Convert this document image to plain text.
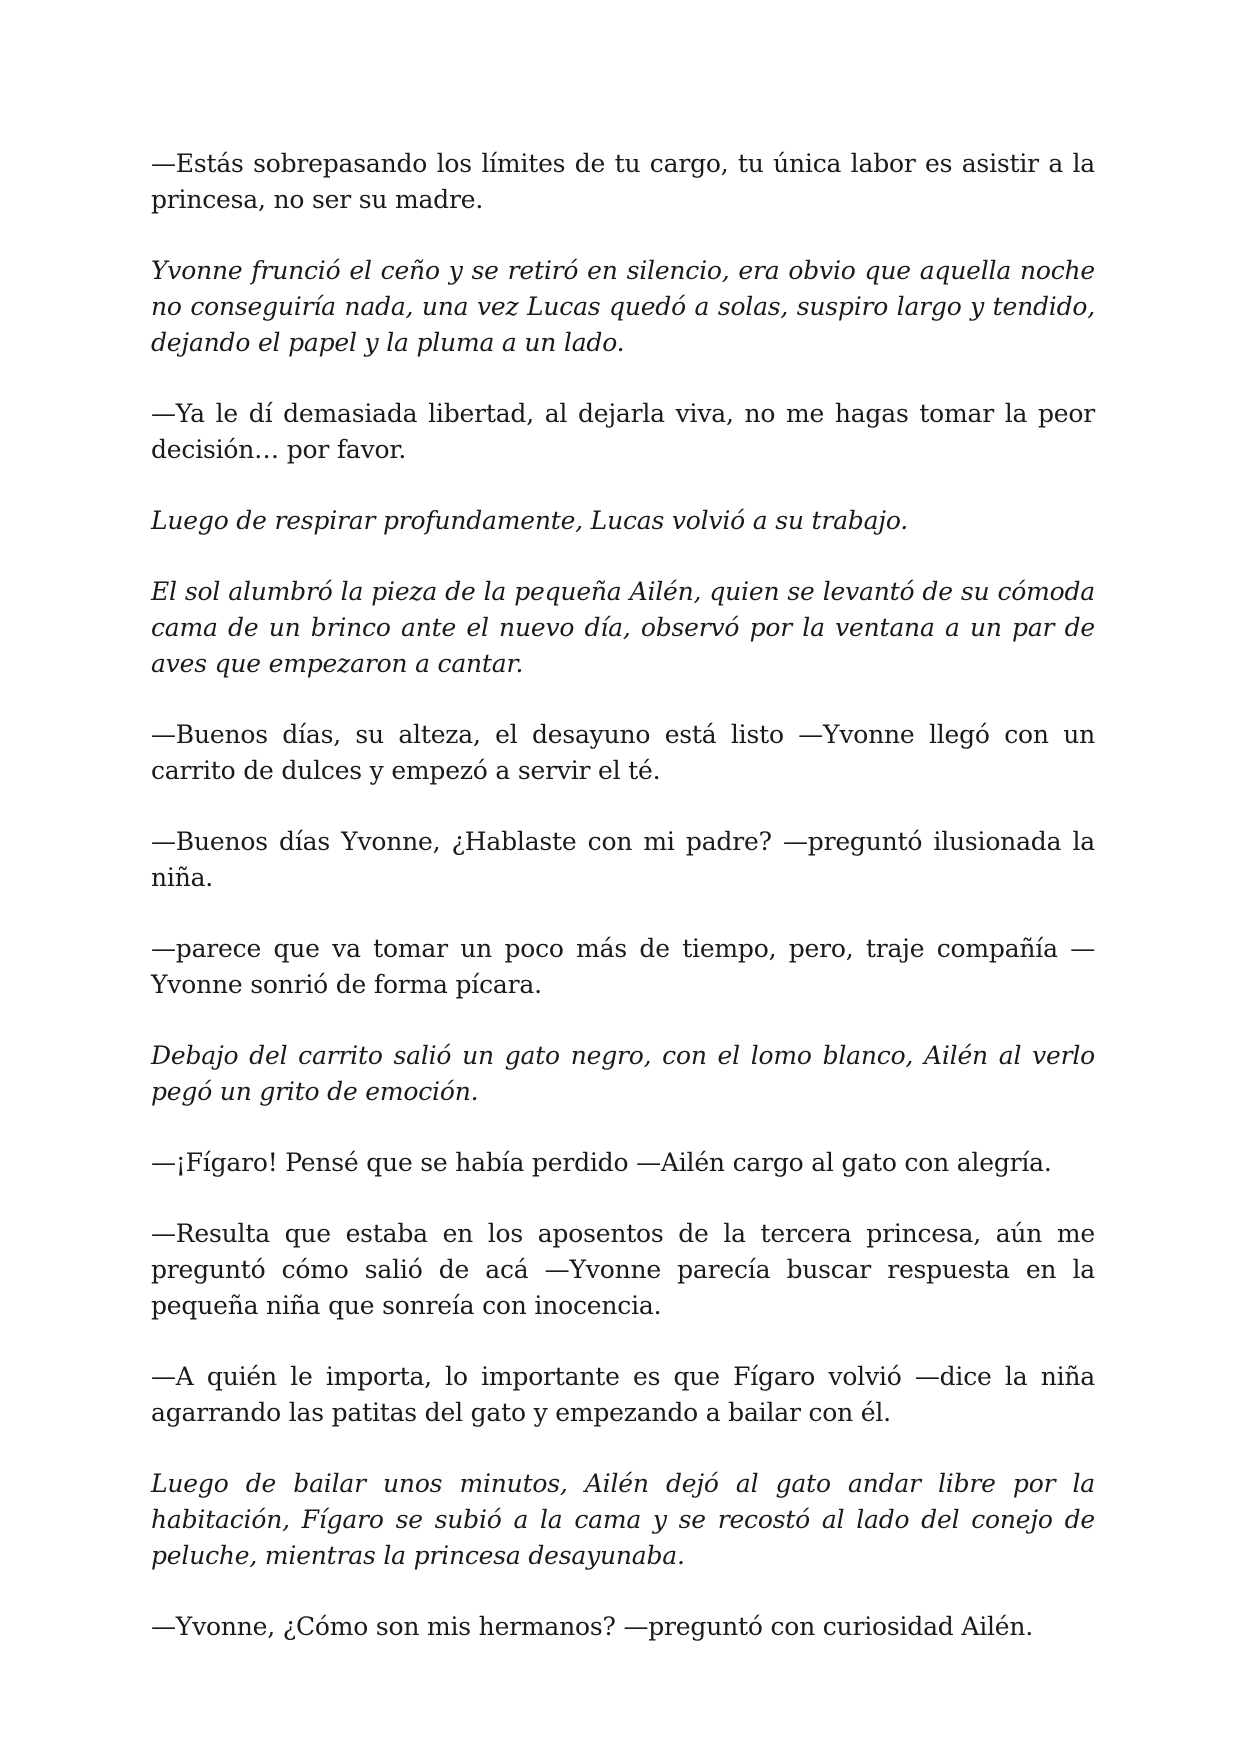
—Estás sobrepasando los límites de tu cargo, tu única labor es asistir a la princesa, no ser su madre.

Yvonne frunció el ceño y se retiró en silencio, era obvio que aquella noche no conseguiría nada, una vez Lucas quedó a solas, suspiro largo y tendido, dejando el papel y la pluma a un lado.

—Ya le dí demasiada libertad, al dejarla viva, no me hagas tomar la peor decisión… por favor.

Luego de respirar profundamente, Lucas volvió a su trabajo.

El sol alumbró la pieza de la pequeña Ailén, quien se levantó de su cómoda cama de un brinco ante el nuevo día, observó por la ventana a un par de aves que empezaron a cantar.

—Buenos días, su alteza, el desayuno está listo —Yvonne llegó con un carrito de dulces y empezó a servir el té.

—Buenos días Yvonne, ¿Hablaste con mi padre? —preguntó ilusionada la niña.

—parece que va tomar un poco más de tiempo, pero, traje compañía —Yvonne sonrió de forma pícara.

Debajo del carrito salió un gato negro, con el lomo blanco, Ailén al verlo pegó un grito de emoción.

—¡Fígaro! Pensé que se había perdido —Ailén cargo al gato con alegría.

—Resulta que estaba en los aposentos de la tercera princesa, aún me preguntó cómo salió de acá —Yvonne parecía buscar respuesta en la pequeña niña que sonreía con inocencia.

—A quién le importa, lo importante es que Fígaro volvió —dice la niña agarrando las patitas del gato y empezando a bailar con él.

Luego de bailar unos minutos, Ailén dejó al gato andar libre por la habitación, Fígaro se subió a la cama y se recostó al lado del conejo de peluche, mientras la princesa desayunaba.

—Yvonne, ¿Cómo son mis hermanos? —preguntó con curiosidad Ailén.
